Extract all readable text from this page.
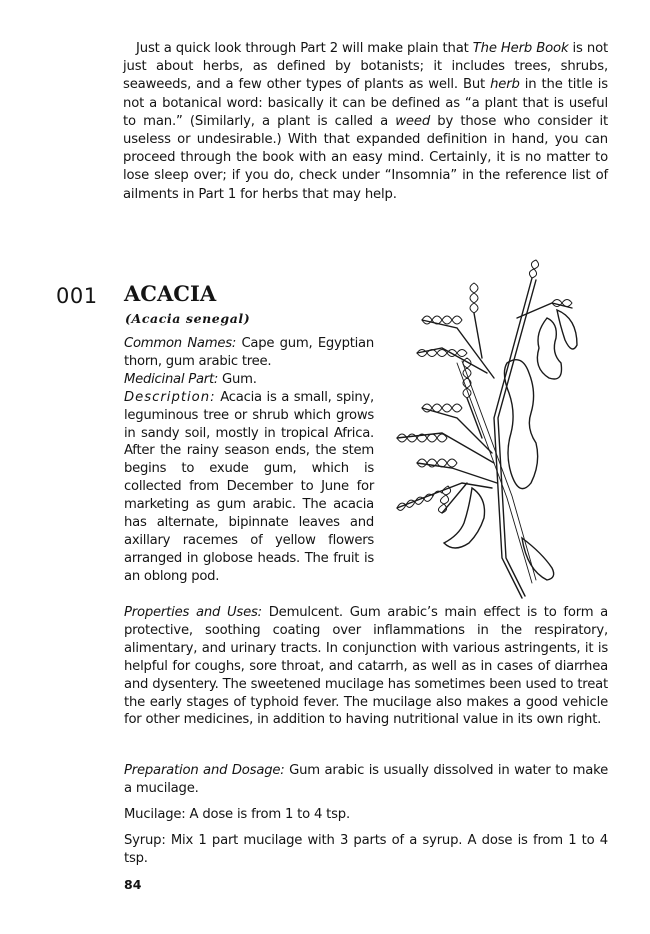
Just a quick look through Part 2 will make plain that The Herb Book is not just about herbs, as defined by botanists; it includes trees, shrubs, seaweeds, and a few other types of plants as well. But herb in the title is not a botanical word: basically it can be defined as “a plant that is useful to man.” (Similarly, a plant is called a weed by those who consider it useless or undesirable.) With that expanded definition in hand, you can proceed through the book with an easy mind. Certainly, it is no matter to lose sleep over; if you do, check under “Insomnia” in the reference list of ailments in Part 1 for herbs that may help.

001 ACACIA
(Acacia senegal)

Common Names: Cape gum, Egyptian thorn, gum arabic tree.

Medicinal Part: Gum.

Description: Acacia is a small, spiny, leguminous tree or shrub which grows in sandy soil, mostly in tropical Africa. After the rainy season ends, the stem begins to exude gum, which is collected from December to June for marketing as gum arabic. The acacia has alternate, bipinnate leaves and axillary racemes of yellow flowers arranged in globose heads. The fruit is an oblong pod.

Properties and Uses: Demulcent. Gum arabic’s main effect is to form a protective, soothing coating over inflammations in the respiratory, alimentary, and urinary tracts. In conjunction with various astringents, it is helpful for coughs, sore throat, and catarrh, as well as in cases of diarrhea and dysentery. The sweetened mucilage has sometimes been used to treat the early stages of typhoid fever. The mucilage also makes a good vehicle for other medicines, in addition to having nutritional value in its own right.

Preparation and Dosage: Gum arabic is usually dissolved in water to make a mucilage.

Mucilage: A dose is from 1 to 4 tsp.

Syrup: Mix 1 part mucilage with 3 parts of a syrup. A dose is from 1 to 4 tsp.

84
